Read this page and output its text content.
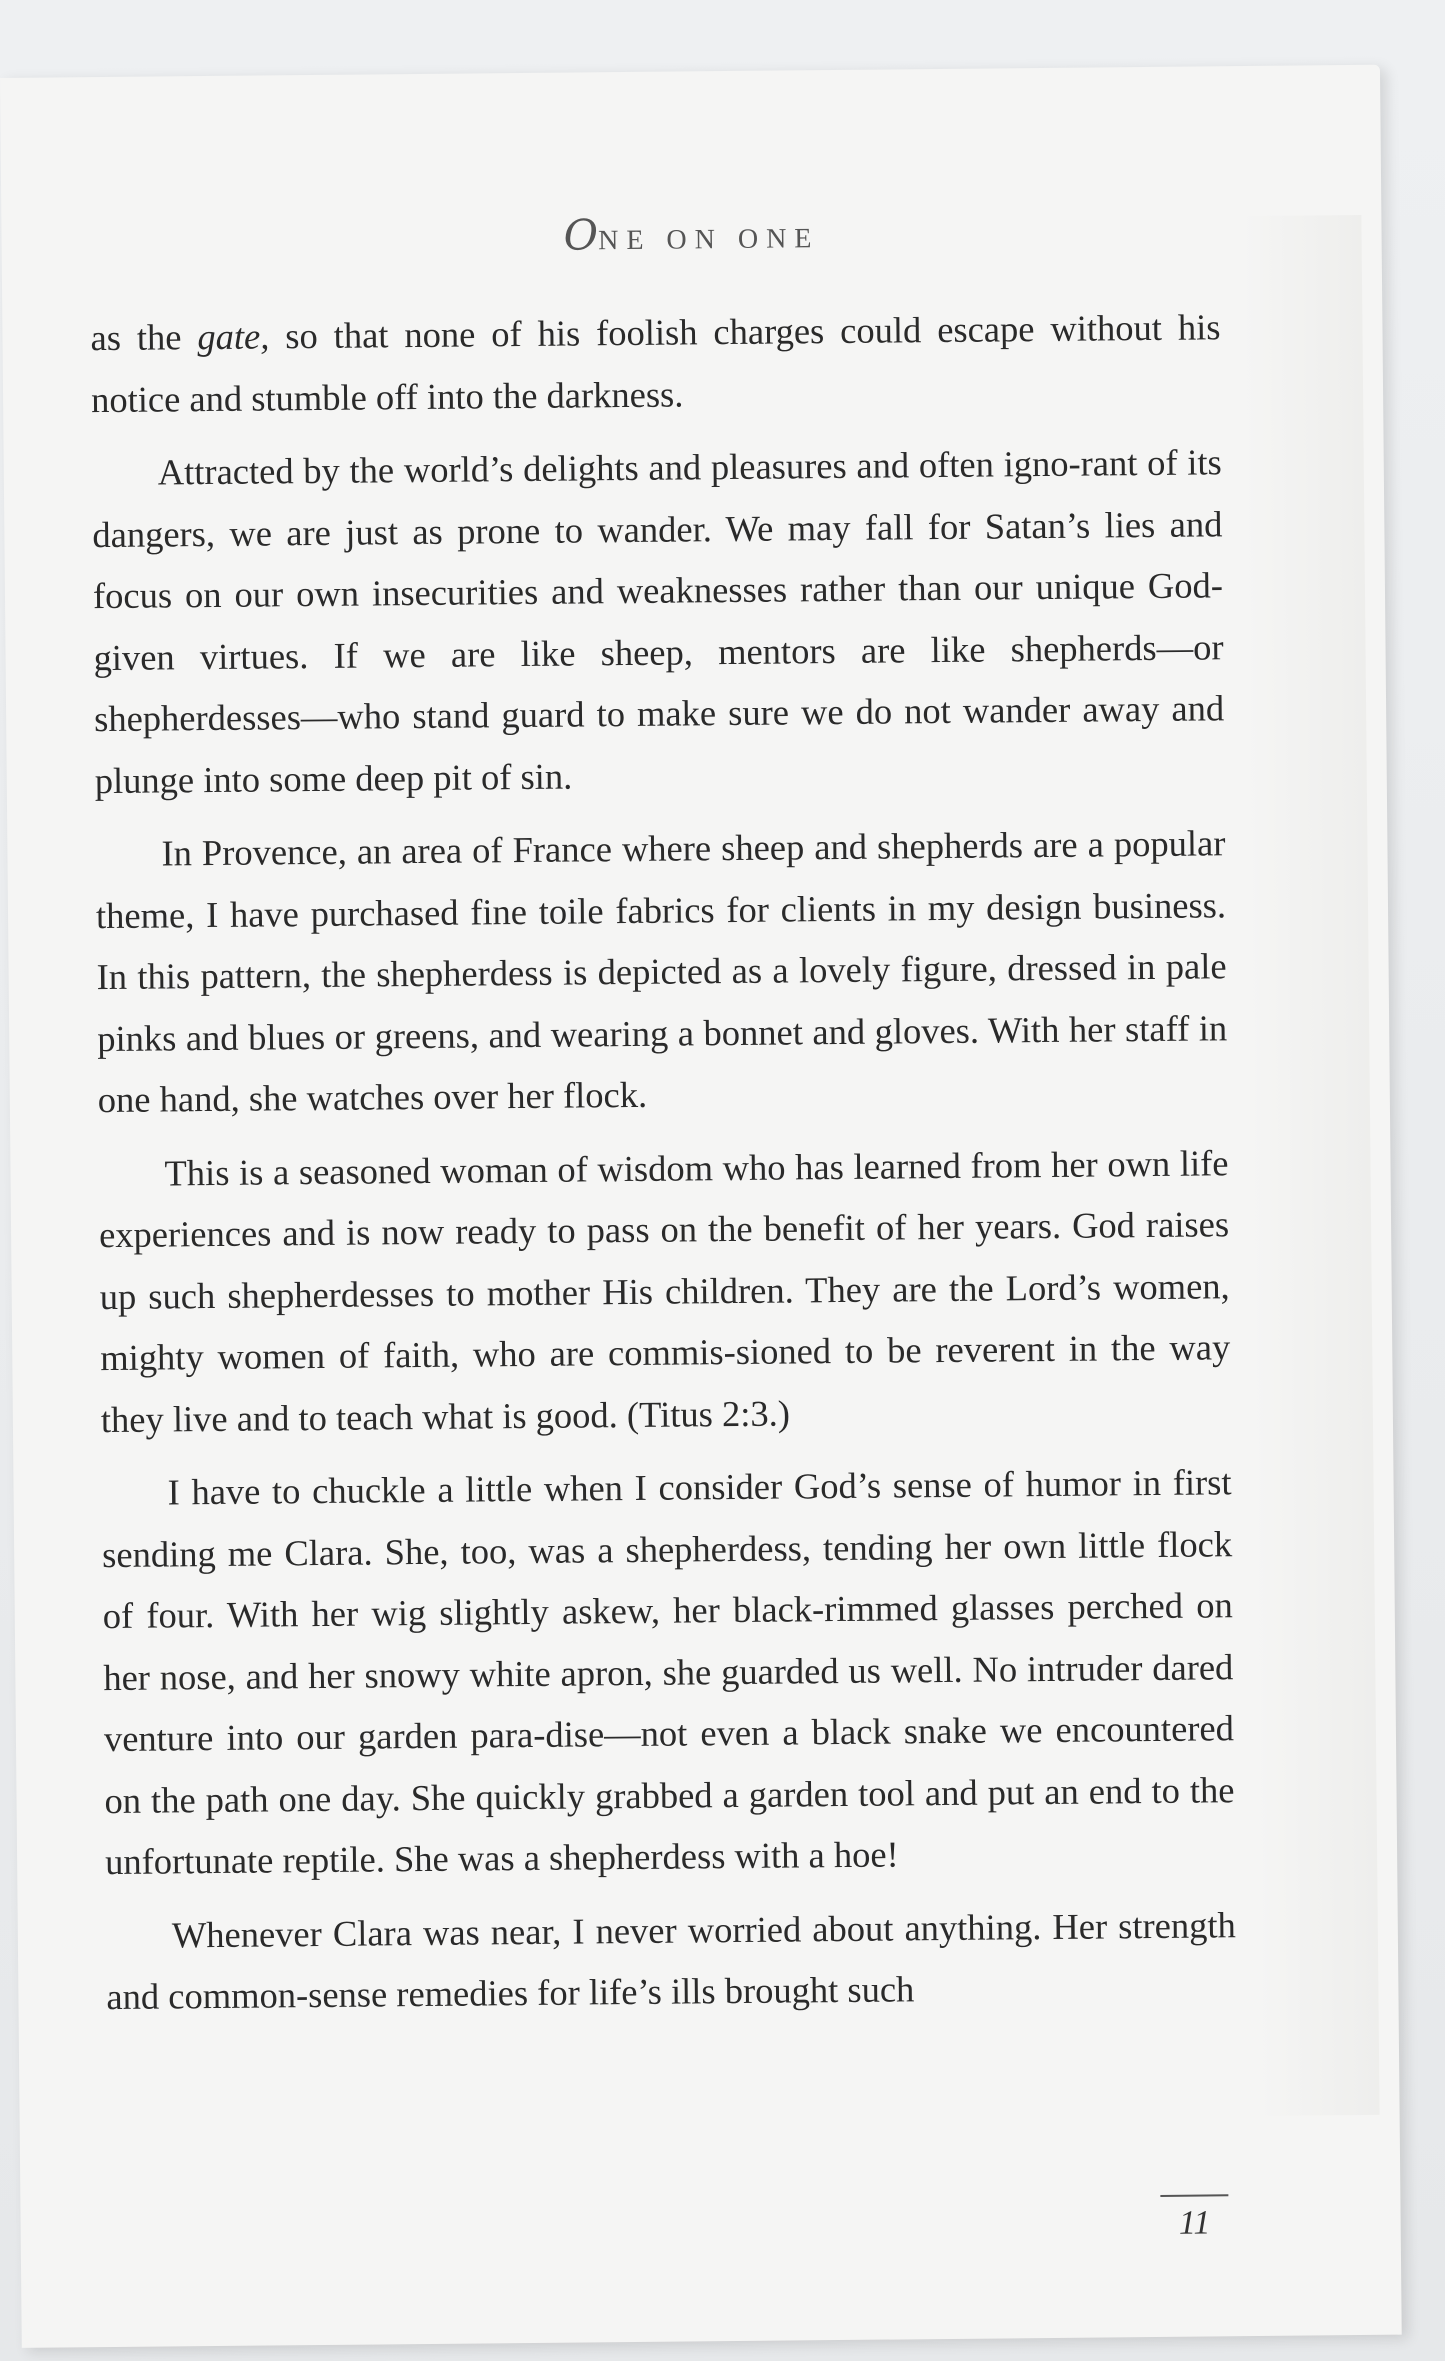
ONE ON ONE

as the gate, so that none of his foolish charges could escape without his notice and stumble off into the darkness.

Attracted by the world’s delights and pleasures and often igno-rant of its dangers, we are just as prone to wander. We may fall for Satan’s lies and focus on our own insecurities and weaknesses rather than our unique God-given virtues. If we are like sheep, mentors are like shepherds—or shepherdesses—who stand guard to make sure we do not wander away and plunge into some deep pit of sin.

In Provence, an area of France where sheep and shepherds are a popular theme, I have purchased fine toile fabrics for clients in my design business. In this pattern, the shepherdess is depicted as a lovely figure, dressed in pale pinks and blues or greens, and wearing a bonnet and gloves. With her staff in one hand, she watches over her flock.

This is a seasoned woman of wisdom who has learned from her own life experiences and is now ready to pass on the benefit of her years. God raises up such shepherdesses to mother His children. They are the Lord’s women, mighty women of faith, who are commis-sioned to be reverent in the way they live and to teach what is good. (Titus 2:3.)

I have to chuckle a little when I consider God’s sense of humor in first sending me Clara. She, too, was a shepherdess, tending her own little flock of four. With her wig slightly askew, her black-rimmed glasses perched on her nose, and her snowy white apron, she guarded us well. No intruder dared venture into our garden para-dise—not even a black snake we encountered on the path one day. She quickly grabbed a garden tool and put an end to the unfortunate reptile. She was a shepherdess with a hoe!

Whenever Clara was near, I never worried about anything. Her strength and common-sense remedies for life’s ills brought such

11
